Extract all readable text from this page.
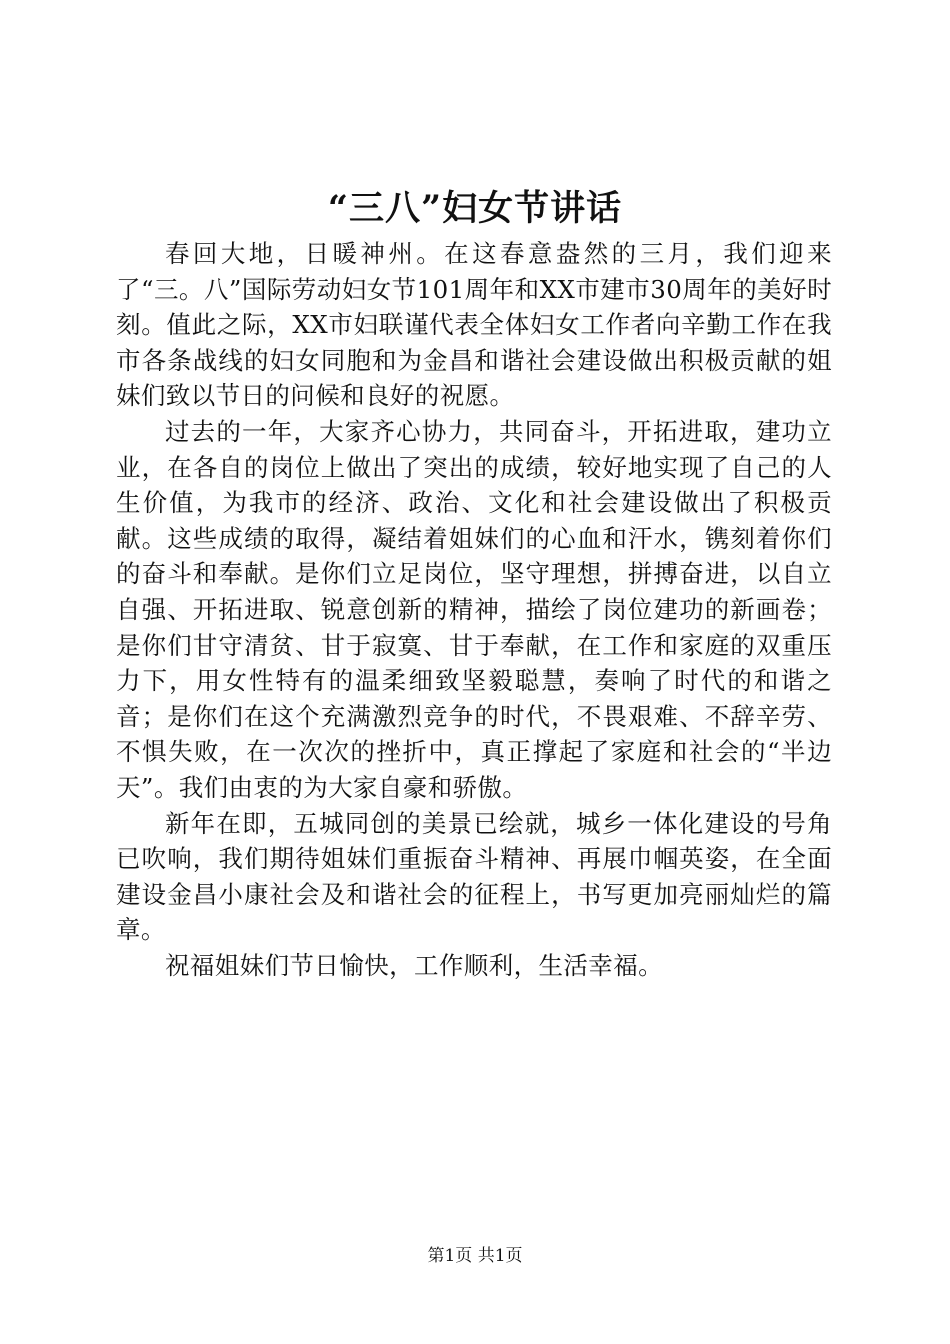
“三八”妇女节讲话

春回大地，日暖神州。在这春意盎然的三月，我们迎来了“三。八”国际劳动妇女节101周年和XX市建市30周年的美好时刻。值此之际，XX市妇联谨代表全体妇女工作者向辛勤工作在我市各条战线的妇女同胞和为金昌和谐社会建设做出积极贡献的姐妹们致以节日的问候和良好的祝愿。

过去的一年，大家齐心协力，共同奋斗，开拓进取，建功立业，在各自的岗位上做出了突出的成绩，较好地实现了自己的人生价值，为我市的经济、政治、文化和社会建设做出了积极贡献。这些成绩的取得，凝结着姐妹们的心血和汗水，镌刻着你们的奋斗和奉献。是你们立足岗位，坚守理想，拼搏奋进，以自立自强、开拓进取、锐意创新的精神，描绘了岗位建功的新画卷；是你们甘守清贫、甘于寂寞、甘于奉献，在工作和家庭的双重压力下，用女性特有的温柔细致坚毅聪慧，奏响了时代的和谐之音；是你们在这个充满激烈竞争的时代，不畏艰难、不辞辛劳、不惧失败，在一次次的挫折中，真正撑起了家庭和社会的“半边天”。我们由衷的为大家自豪和骄傲。

新年在即，五城同创的美景已绘就，城乡一体化建设的号角已吹响，我们期待姐妹们重振奋斗精神、再展巾帼英姿，在全面建设金昌小康社会及和谐社会的征程上，书写更加亮丽灿烂的篇章。

祝福姐妹们节日愉快，工作顺利，生活幸福。

第1页 共1页
